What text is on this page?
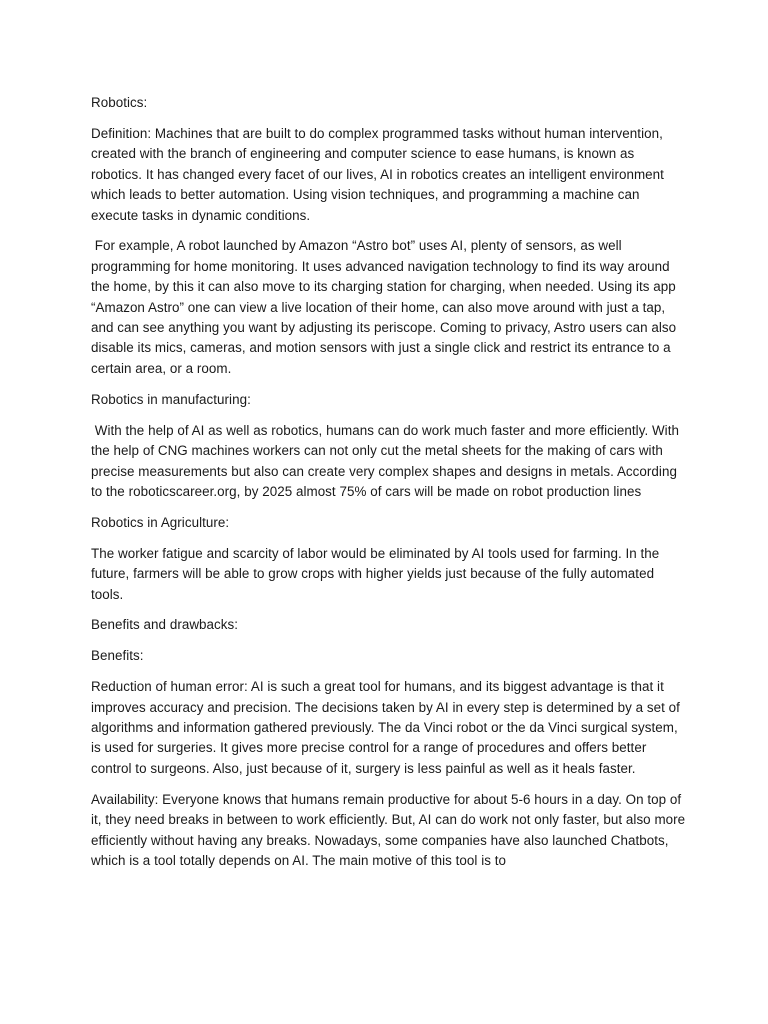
Robotics:

Definition: Machines that are built to do complex programmed tasks without human intervention, created with the branch of engineering and computer science to ease humans, is known as robotics. It has changed every facet of our lives, AI in robotics creates an intelligent environment which leads to better automation. Using vision techniques, and programming a machine can execute tasks in dynamic conditions.

For example, A robot launched by Amazon “Astro bot” uses AI, plenty of sensors, as well programming for home monitoring. It uses advanced navigation technology to find its way around the home, by this it can also move to its charging station for charging, when needed. Using its app “Amazon Astro” one can view a live location of their home, can also move around with just a tap, and can see anything you want by adjusting its periscope. Coming to privacy, Astro users can also disable its mics, cameras, and motion sensors with just a single click and restrict its entrance to a certain area, or a room.

Robotics in manufacturing:

With the help of AI as well as robotics, humans can do work much faster and more efficiently. With the help of CNG machines workers can not only cut the metal sheets for the making of cars with precise measurements but also can create very complex shapes and designs in metals. According to the roboticscareer.org, by 2025 almost 75% of cars will be made on robot production lines

Robotics in Agriculture:

The worker fatigue and scarcity of labor would be eliminated by AI tools used for farming. In the future, farmers will be able to grow crops with higher yields just because of the fully automated tools.

Benefits and drawbacks:

Benefits:

Reduction of human error: AI is such a great tool for humans, and its biggest advantage is that it improves accuracy and precision. The decisions taken by AI in every step is determined by a set of algorithms and information gathered previously. The da Vinci robot or the da Vinci surgical system, is used for surgeries. It gives more precise control for a range of procedures and offers better control to surgeons. Also, just because of it, surgery is less painful as well as it heals faster.

Availability: Everyone knows that humans remain productive for about 5-6 hours in a day. On top of it, they need breaks in between to work efficiently. But, AI can do work not only faster, but also more efficiently without having any breaks. Nowadays, some companies have also launched Chatbots, which is a tool totally depends on AI. The main motive of this tool is to
